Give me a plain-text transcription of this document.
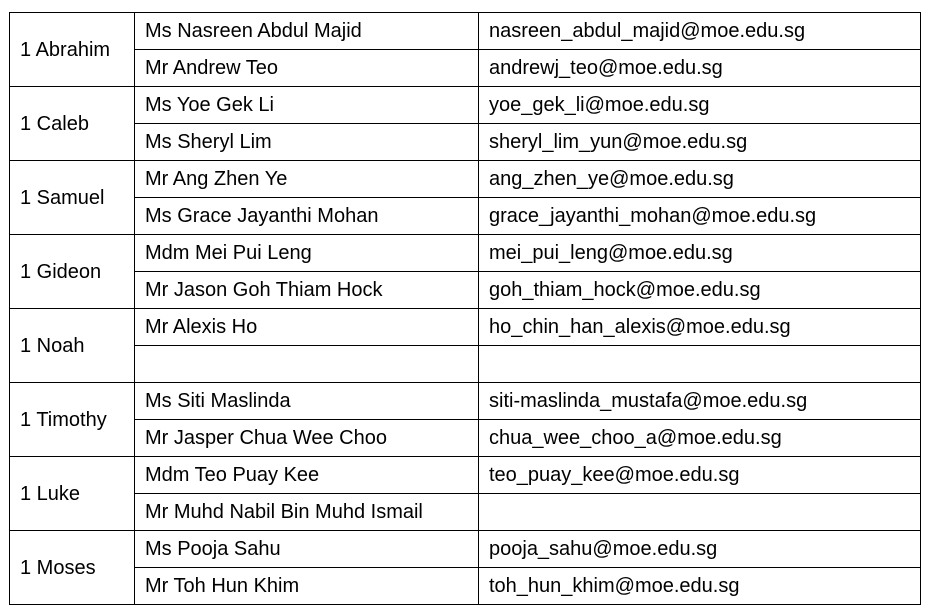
1 Abrahim	Ms Nasreen Abdul Majid	nasreen_abdul_majid@moe.edu.sg
	Mr Andrew Teo	andrewj_teo@moe.edu.sg
1 Caleb	Ms Yoe Gek Li	yoe_gek_li@moe.edu.sg
	Ms Sheryl Lim	sheryl_lim_yun@moe.edu.sg
1 Samuel	Mr Ang Zhen Ye	ang_zhen_ye@moe.edu.sg
	Ms Grace Jayanthi Mohan	grace_jayanthi_mohan@moe.edu.sg
1 Gideon	Mdm Mei Pui Leng	mei_pui_leng@moe.edu.sg
	Mr Jason Goh Thiam Hock	goh_thiam_hock@moe.edu.sg
1 Noah	Mr Alexis Ho	ho_chin_han_alexis@moe.edu.sg

1 Timothy	Ms Siti Maslinda	siti-maslinda_mustafa@moe.edu.sg
	Mr Jasper Chua Wee Choo	chua_wee_choo_a@moe.edu.sg
1 Luke	Mdm Teo Puay Kee	teo_puay_kee@moe.edu.sg
	Mr Muhd Nabil Bin Muhd Ismail	
1 Moses	Ms Pooja Sahu	pooja_sahu@moe.edu.sg
	Mr Toh Hun Khim	toh_hun_khim@moe.edu.sg
